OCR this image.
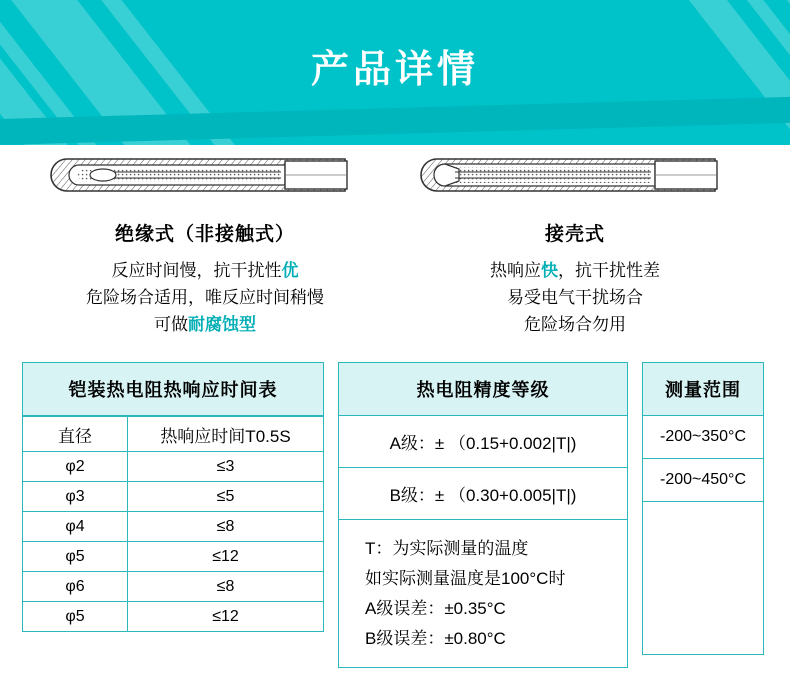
产品详情
绝缘式（非接触式）
反应时间慢，抗干扰性优
危险场合适用，唯反应时间稍慢
可做耐腐蚀型
接壳式
热响应快，抗干扰性差
易受电气干扰场合
危险场合勿用
铠装热电阻热响应时间表
直径	热响应时间T0.5S
φ2	≤3
φ3	≤5
φ4	≤8
φ5	≤12
φ6	≤8
φ5	≤12
热电阻精度等级
A级：± （0.15+0.002|T|)
B级：± （0.30+0.005|T|)
T：为实际测量的温度
如实际测量温度是100°C时
A级误差：±0.35°C
B级误差：±0.80°C
测量范围
-200~350°C
-200~450°C
